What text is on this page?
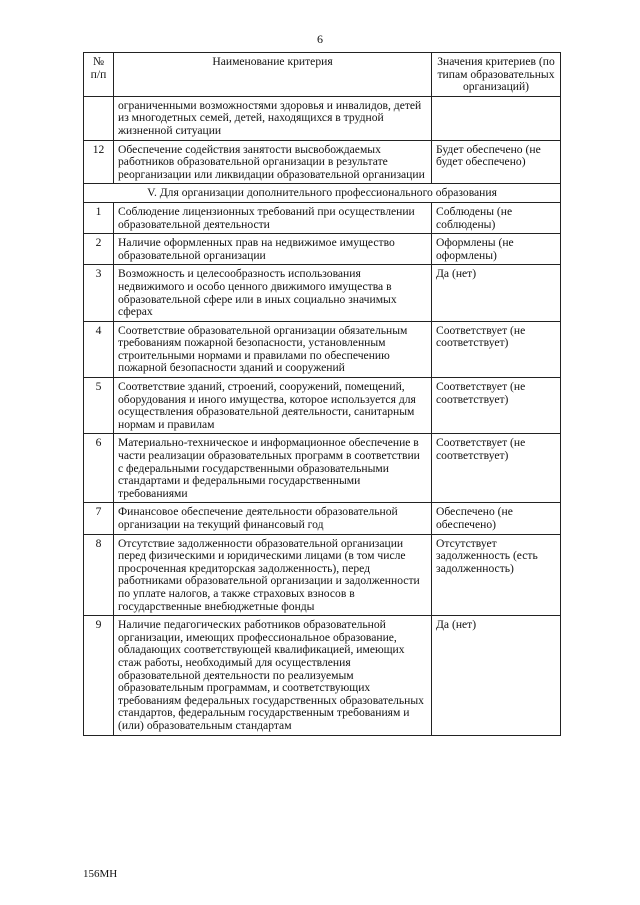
6
№ п/п	Наименование критерия	Значения критериев (по типам образовательных организаций)
	ограниченными возможностями здоровья и инвалидов, детей из многодетных семей, детей, находящихся в трудной жизненной ситуации	
12	Обеспечение содействия занятости высвобождаемых работников образовательной организации в результате реорганизации или ликвидации образовательной организации	Будет обеспечено (не будет обеспечено)
V. Для организации дополнительного профессионального образования		
1	Соблюдение лицензионных требований при осуществлении образовательной деятельности	Соблюдены (не соблюдены)
2	Наличие оформленных прав на недвижимое имущество образовательной организации	Оформлены (не оформлены)
3	Возможность и целесообразность использования недвижимого и особо ценного движимого имущества в образовательной сфере или в иных социально значимых сферах	Да (нет)
4	Соответствие образовательной организации обязательным требованиям пожарной безопасности, установленным строительными нормами и правилами по обеспечению пожарной безопасности зданий и сооружений	Соответствует (не соответствует)
5	Соответствие зданий, строений, сооружений, помещений, оборудования и иного имущества, которое используется для осуществления образовательной деятельности, санитарным нормам и правилам	Соответствует (не соответствует)
6	Материально-техническое и информационное обеспечение в части реализации образовательных программ в соответствии с федеральными государственными образовательными стандартами и федеральными государственными требованиями	Соответствует (не соответствует)
7	Финансовое обеспечение деятельности образовательной организации на текущий финансовый год	Обеспечено (не обеспечено)
8	Отсутствие задолженности образовательной организации перед физическими и юридическими лицами (в том числе просроченная кредиторская задолженность), перед работниками образовательной организации и задолженности по уплате налогов, а также страховых взносов в государственные внебюджетные фонды	Отсутствует задолженность (есть задолженность)
9	Наличие педагогических работников образовательной организации, имеющих профессиональное образование, обладающих соответствующей квалификацией, имеющих стаж работы, необходимый для осуществления образовательной деятельности по реализуемым образовательным программам, и соответствующих требованиям федеральных государственных образовательных стандартов, федеральным государственным требованиям и (или) образовательным стандартам	Да (нет)
156МН
